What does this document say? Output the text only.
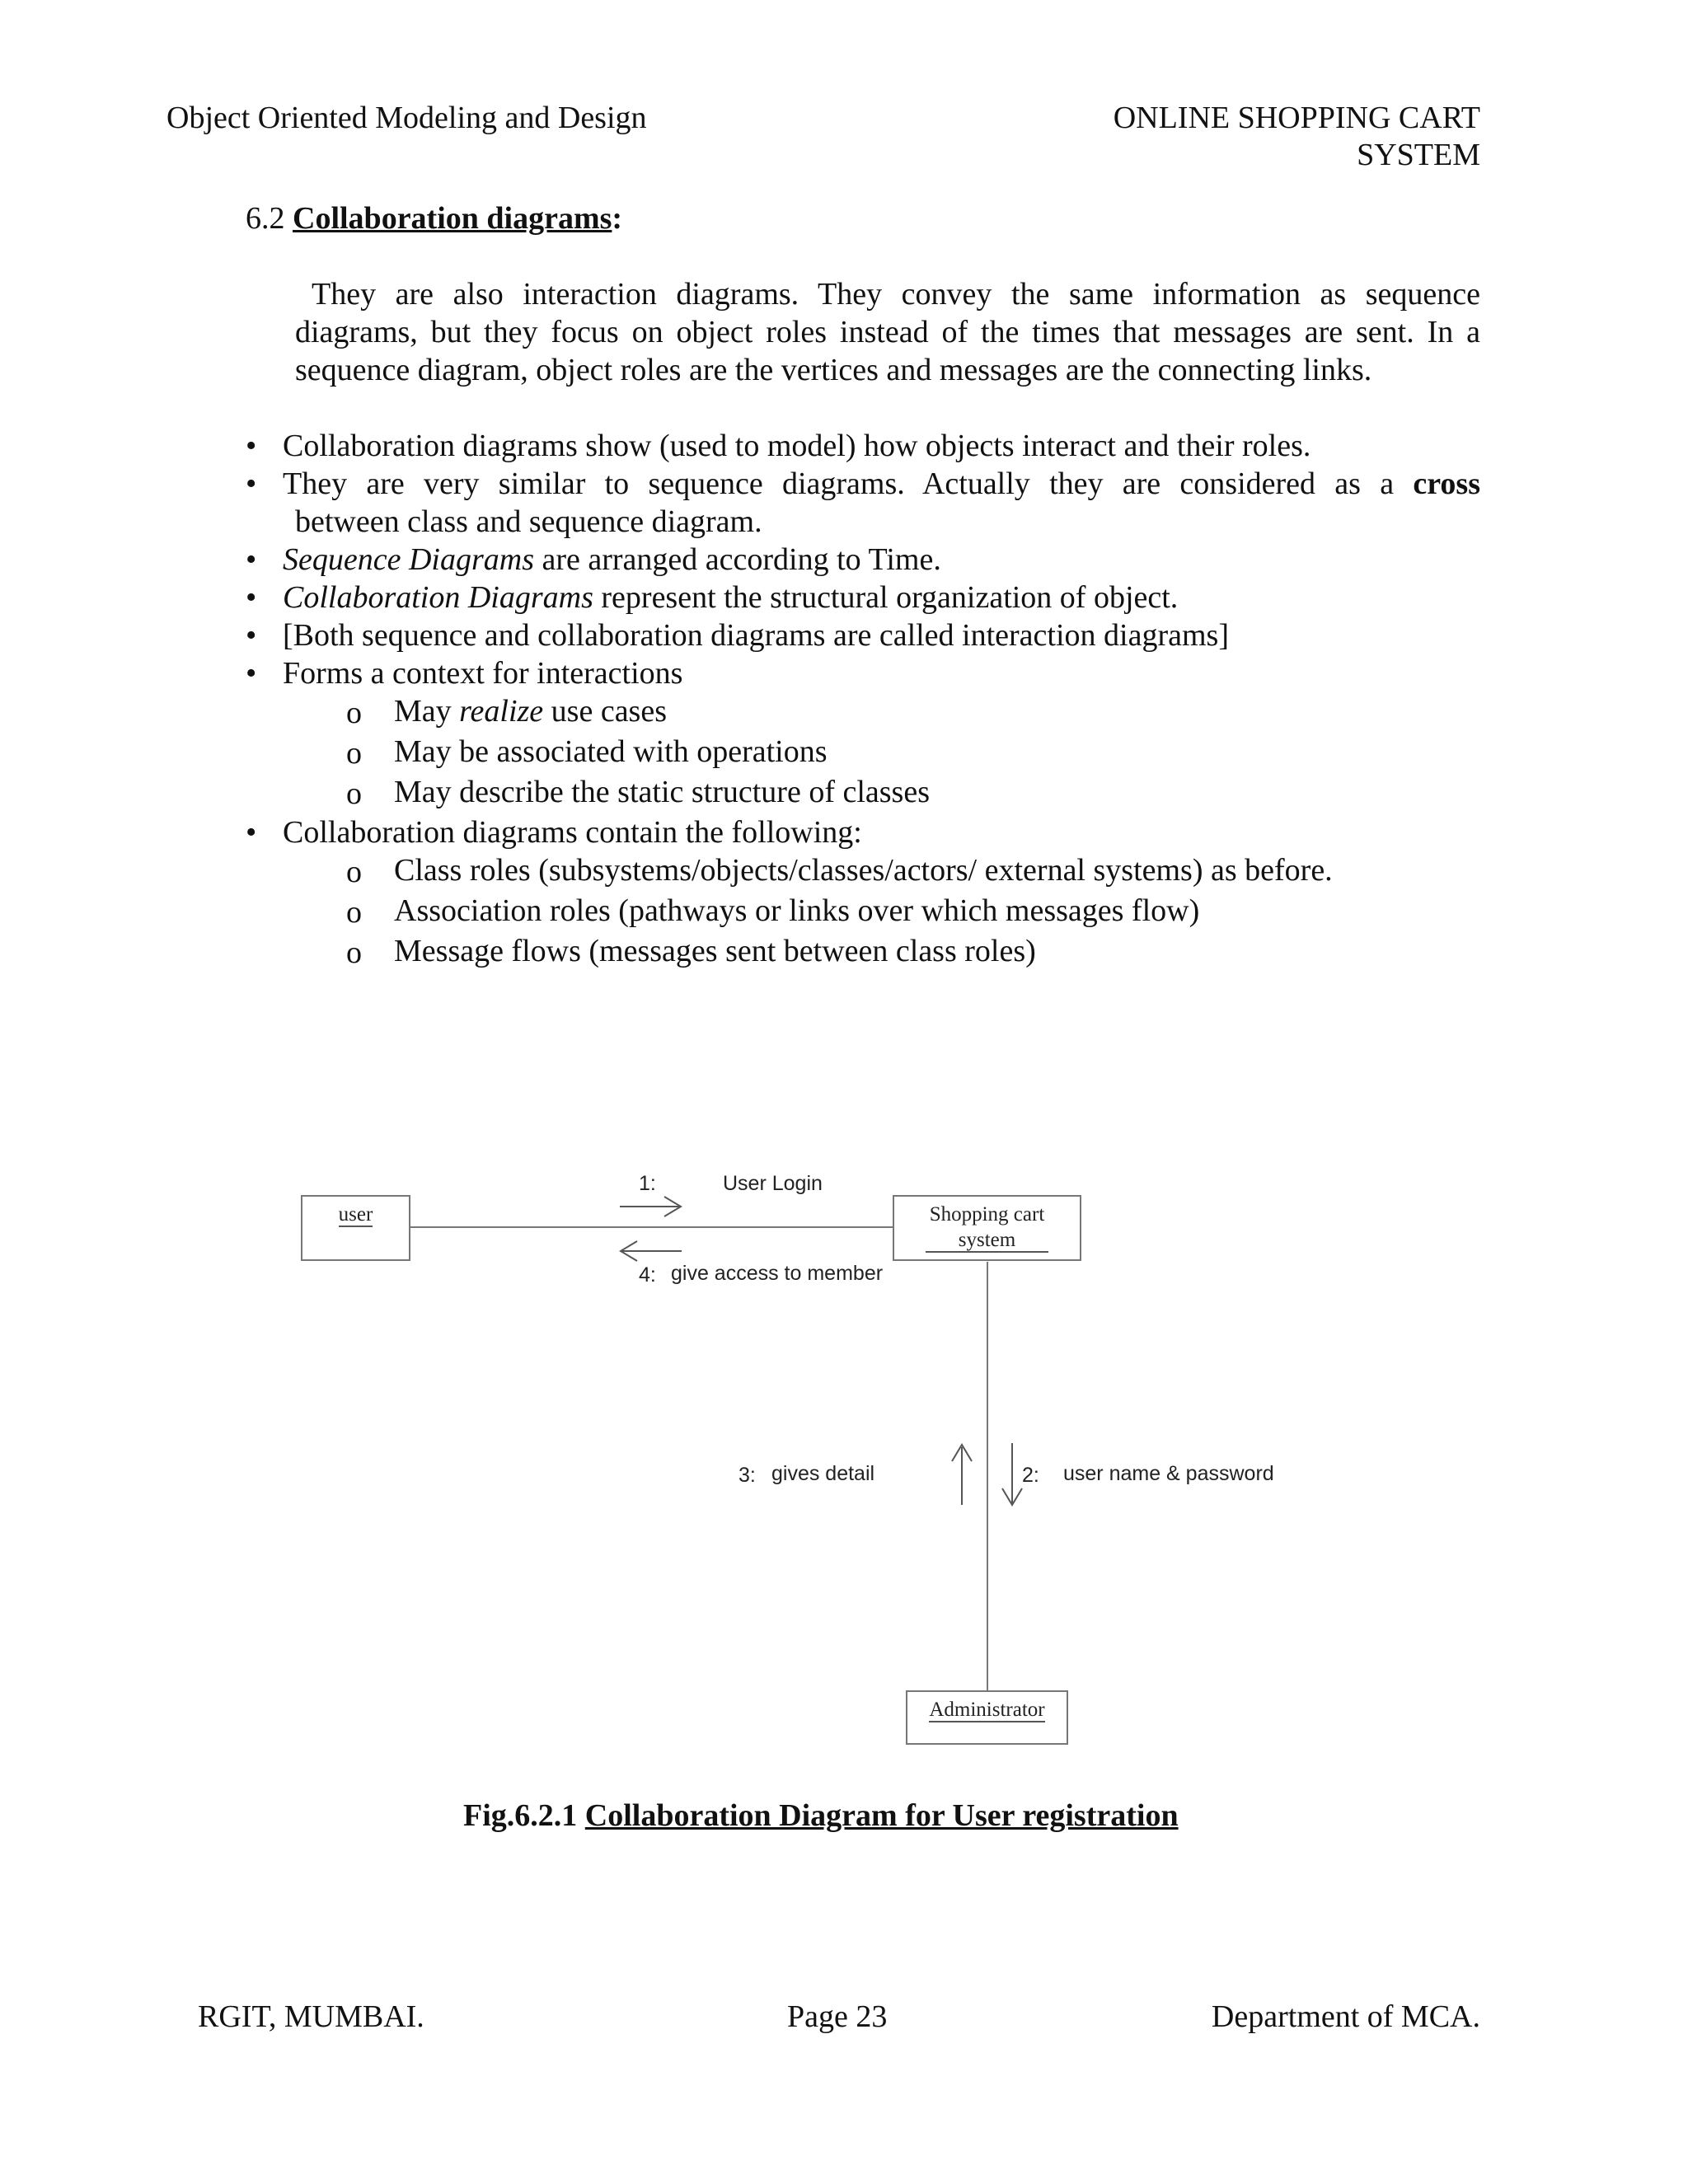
Object Oriented Modeling and Design	ONLINE SHOPPING CART
SYSTEM
6.2 Collaboration diagrams:
They are also interaction diagrams. They convey the same information as sequence
diagrams, but they focus on object roles instead of the times that messages are sent. In a
sequence diagram, object roles are the vertices and messages are the connecting links.
• Collaboration diagrams show (used to model) how objects interact and their roles.
• They are very similar to sequence diagrams. Actually they are considered as a cross
between class and sequence diagram.
• Sequence Diagrams are arranged according to Time.
• Collaboration Diagrams represent the structural organization of object.
• [Both sequence and collaboration diagrams are called interaction diagrams]
• Forms a context for interactions
o May realize use cases
o May be associated with operations
o May describe the static structure of classes
• Collaboration diagrams contain the following:
o Class roles (subsystems/objects/classes/actors/ external systems) as before.
o Association roles (pathways or links over which messages flow)
o Message flows (messages sent between class roles)
user	Shopping cart
system
Administrator
1:	User Login
4: give access to member
3: gives detail	2: user name & password
Fig.6.2.1 Collaboration Diagram for User registration
RGIT, MUMBAI.	Page 23	Department of MCA.
